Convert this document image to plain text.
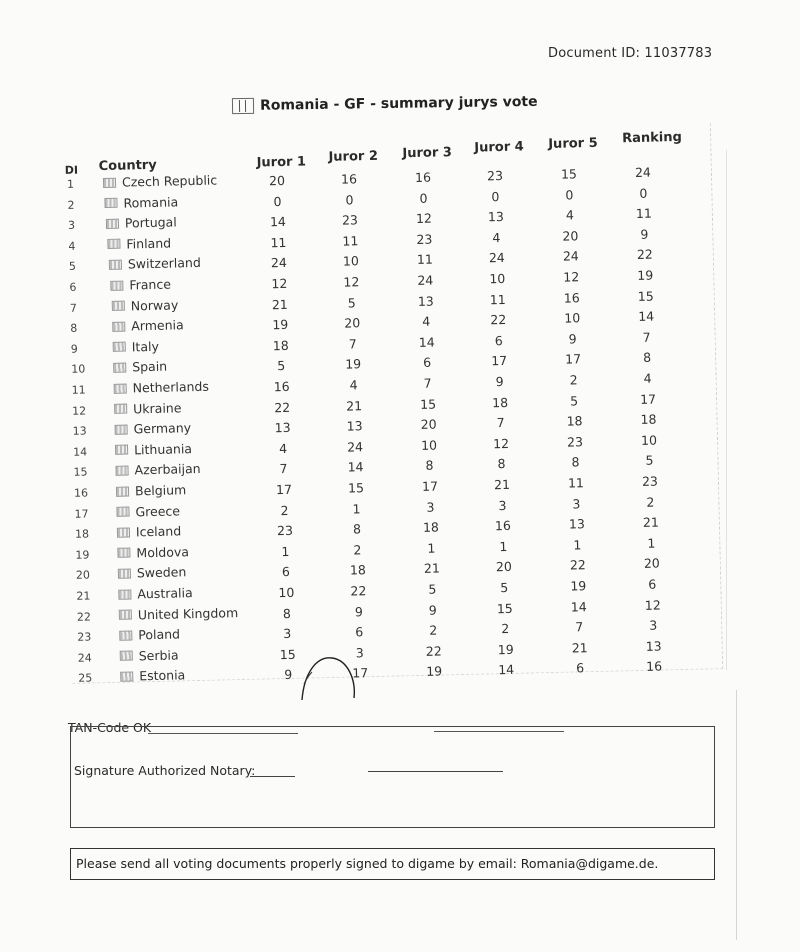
Document ID: 11037783
Romania - GF - summary jurys vote
DI Country	Juror 1 Juror 2 Juror 3 Juror 4 Juror 5 Ranking
1	Czech Republic	20	16	16	23	15	24
2	Romania	0	0	0	0	0	0
3	Portugal	14	23	12	13	4	11
4	Finland	11	11	23	4	20	9
5	Switzerland	24	10	11	24	24	22
6	France	12	12	24	10	12	19
7	Norway	21	5	13	11	16	15
8	Armenia	19	20	4	22	10	14
9	Italy	18	7	14	6	9	7
10	Spain	5	19	6	17	17	8
11	Netherlands	16	4	7	9	2	4
12	Ukraine	22	21	15	18	5	17
13	Germany	13	13	20	7	18	18
14	Lithuania	4	24	10	12	23	10
15	Azerbaijan	7	14	8	8	8	5
16	Belgium	17	15	17	21	11	23
17	Greece	2	1	3	3	3	2
18	Iceland	23	8	18	16	13	21
19	Moldova	1	2	1	1	1	1
20	Sweden	6	18	21	20	22	20
21	Australia	10	22	5	5	19	6
22	United Kingdom	8	9	9	15	14	12
23	Poland	3	6	2	2	7	3
24	Serbia	15	3	22	19	21	13
25	Estonia	9	17	19	14	6	16
TAN-Code OK
Signature Authorized Notary:
Please send all voting documents properly signed to digame by email: Romania@digame.de.
